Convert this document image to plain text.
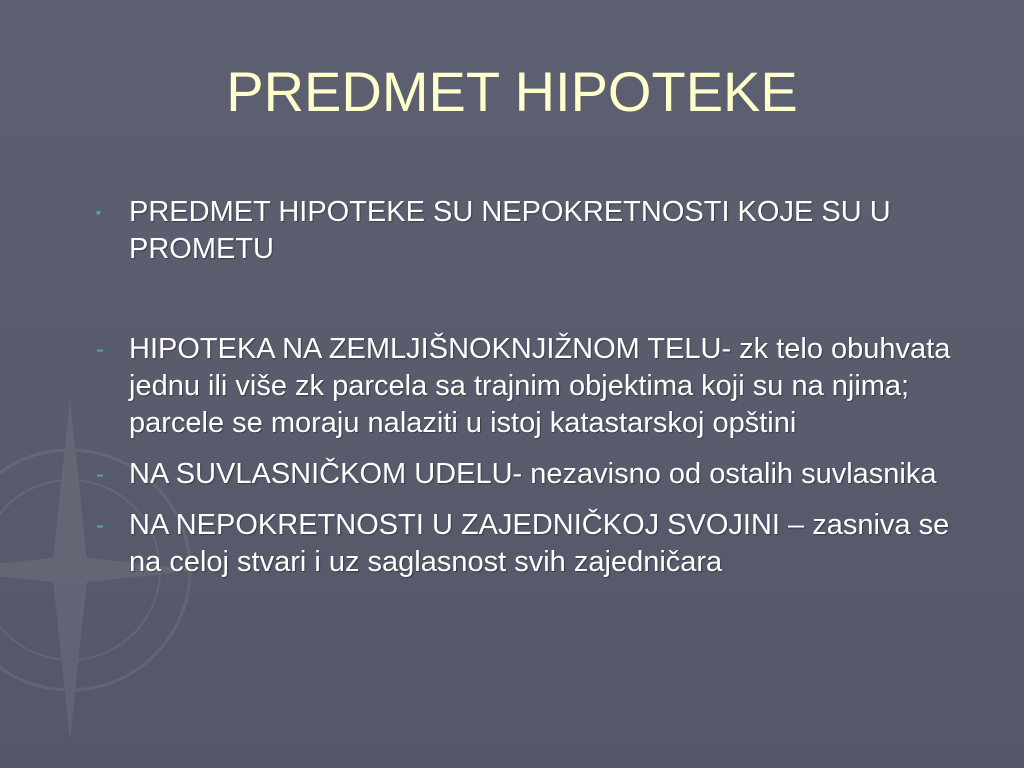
PREDMET HIPOTEKE
▪ PREDMET HIPOTEKE SU NEPOKRETNOSTI KOJE SU U PROMETU
- HIPOTEKA NA ZEMLJIŠNOKNJIŽNOM TELU- zk telo obuhvata jednu ili više zk parcela sa trajnim objektima koji su na njima; parcele se moraju nalaziti u istoj katastarskoj opštini
- NA SUVLASNIČKOM UDELU- nezavisno od ostalih suvlasnika
- NA NEPOKRETNOSTI U ZAJEDNIČKOJ SVOJINI – zasniva se na celoj stvari i uz saglasnost svih zajedničara
